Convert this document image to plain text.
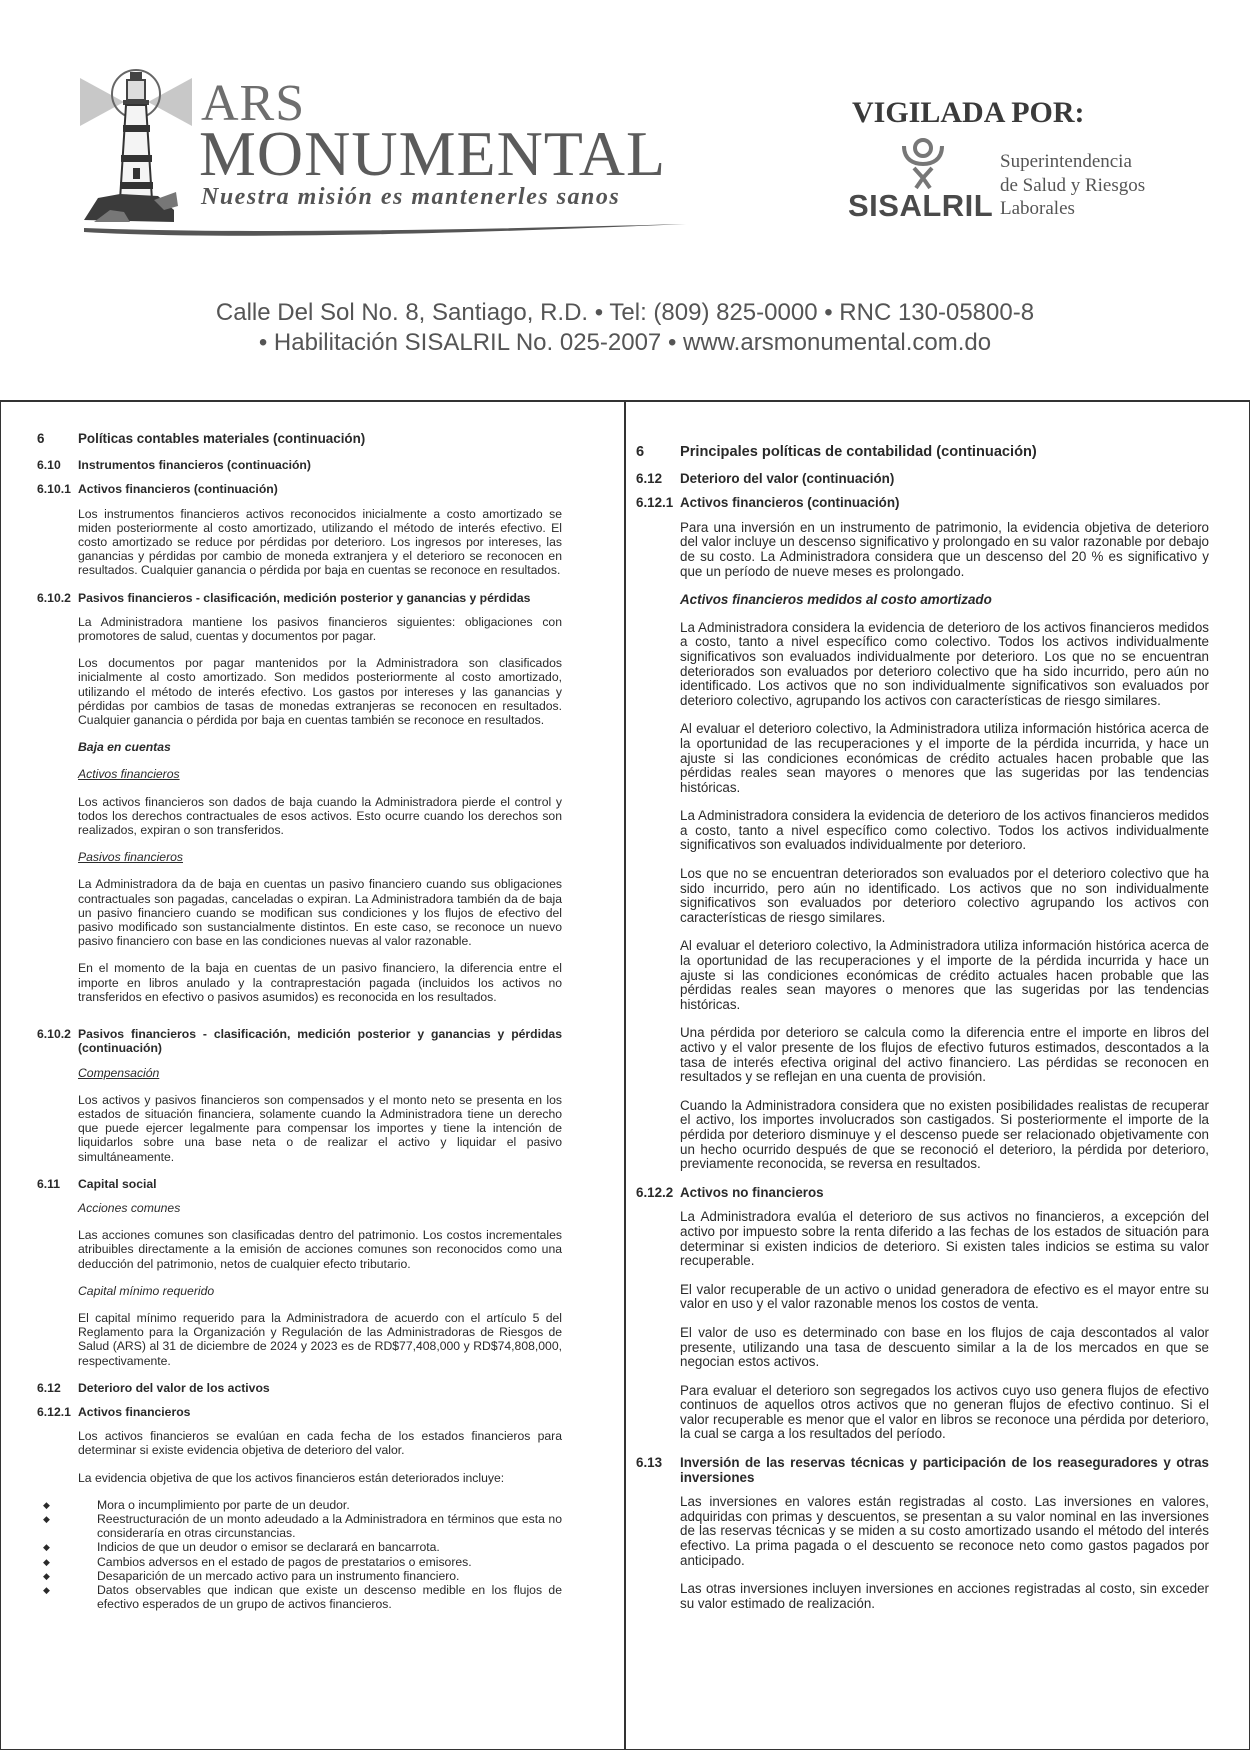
ARS
MONUMENTAL
Nuestra misión es mantenerles sanos
VIGILADA POR:
SISALRIL
Superintendencia
de Salud y Riesgos
Laborales
Calle Del Sol No. 8, Santiago, R.D. • Tel: (809) 825-0000 • RNC 130-05800-8
• Habilitación SISALRIL No. 025-2007 • www.arsmonumental.com.do
6	Políticas contables materiales (continuación)
6.10	Instrumentos financieros (continuación)
6.10.1 Activos financieros (continuación)
Los instrumentos financieros activos reconocidos inicialmente a costo amortizado se miden posteriormente al costo amortizado, utilizando el método de interés efectivo. El costo amortizado se reduce por pérdidas por deterioro. Los ingresos por intereses, las ganancias y pérdidas por cambio de moneda extranjera y el deterioro se reconocen en resultados. Cualquier ganancia o pérdida por baja en cuentas se reconoce en resultados.
6.10.2 Pasivos financieros - clasificación, medición posterior y ganancias y pérdidas
La Administradora mantiene los pasivos financieros siguientes: obligaciones con promotores de salud, cuentas y documentos por pagar.
Los documentos por pagar mantenidos por la Administradora son clasificados inicialmente al costo amortizado. Son medidos posteriormente al costo amortizado, utilizando el método de interés efectivo. Los gastos por intereses y las ganancias y pérdidas por cambios de tasas de monedas extranjeras se reconocen en resultados. Cualquier ganancia o pérdida por baja en cuentas también se reconoce en resultados.
Baja en cuentas
Activos financieros
Los activos financieros son dados de baja cuando la Administradora pierde el control y todos los derechos contractuales de esos activos. Esto ocurre cuando los derechos son realizados, expiran o son transferidos.
Pasivos financieros
La Administradora da de baja en cuentas un pasivo financiero cuando sus obligaciones contractuales son pagadas, canceladas o expiran. La Administradora también da de baja un pasivo financiero cuando se modifican sus condiciones y los flujos de efectivo del pasivo modificado son sustancialmente distintos. En este caso, se reconoce un nuevo pasivo financiero con base en las condiciones nuevas al valor razonable.
En el momento de la baja en cuentas de un pasivo financiero, la diferencia entre el importe en libros anulado y la contraprestación pagada (incluidos los activos no transferidos en efectivo o pasivos asumidos) es reconocida en los resultados.
6.10.2 Pasivos financieros - clasificación, medición posterior y ganancias y pérdidas (continuación)
Compensación
Los activos y pasivos financieros son compensados y el monto neto se presenta en los estados de situación financiera, solamente cuando la Administradora tiene un derecho que puede ejercer legalmente para compensar los importes y tiene la intención de liquidarlos sobre una base neta o de realizar el activo y liquidar el pasivo simultáneamente.
6.11	Capital social
Acciones comunes
Las acciones comunes son clasificadas dentro del patrimonio. Los costos incrementales atribuibles directamente a la emisión de acciones comunes son reconocidos como una deducción del patrimonio, netos de cualquier efecto tributario.
Capital mínimo requerido
El capital mínimo requerido para la Administradora de acuerdo con el artículo 5 del Reglamento para la Organización y Regulación de las Administradoras de Riesgos de Salud (ARS) al 31 de diciembre de 2024 y 2023 es de RD$77,408,000 y RD$74,808,000, respectivamente.
6.12	Deterioro del valor de los activos
6.12.1 Activos financieros
Los activos financieros se evalúan en cada fecha de los estados financieros para determinar si existe evidencia objetiva de deterioro del valor.
La evidencia objetiva de que los activos financieros están deteriorados incluye:
◆	Mora o incumplimiento por parte de un deudor.
◆	Reestructuración de un monto adeudado a la Administradora en términos que esta no consideraría en otras circunstancias.
◆	Indicios de que un deudor o emisor se declarará en bancarrota.
◆	Cambios adversos en el estado de pagos de prestatarios o emisores.
◆	Desaparición de un mercado activo para un instrumento financiero.
◆	Datos observables que indican que existe un descenso medible en los flujos de efectivo esperados de un grupo de activos financieros.
6	Principales políticas de contabilidad (continuación)
6.12	Deterioro del valor (continuación)
6.12.1 Activos financieros (continuación)
Para una inversión en un instrumento de patrimonio, la evidencia objetiva de deterioro del valor incluye un descenso significativo y prolongado en su valor razonable por debajo de su costo. La Administradora considera que un descenso del 20 % es significativo y que un período de nueve meses es prolongado.
Activos financieros medidos al costo amortizado
La Administradora considera la evidencia de deterioro de los activos financieros medidos a costo, tanto a nivel específico como colectivo. Todos los activos individualmente significativos son evaluados individualmente por deterioro. Los que no se encuentran deteriorados son evaluados por deterioro colectivo que ha sido incurrido, pero aún no identificado. Los activos que no son individualmente significativos son evaluados por deterioro colectivo, agrupando los activos con características de riesgo similares.
Al evaluar el deterioro colectivo, la Administradora utiliza información histórica acerca de la oportunidad de las recuperaciones y el importe de la pérdida incurrida, y hace un ajuste si las condiciones económicas de crédito actuales hacen probable que las pérdidas reales sean mayores o menores que las sugeridas por las tendencias históricas.
La Administradora considera la evidencia de deterioro de los activos financieros medidos a costo, tanto a nivel específico como colectivo. Todos los activos individualmente significativos son evaluados individualmente por deterioro.
Los que no se encuentran deteriorados son evaluados por el deterioro colectivo que ha sido incurrido, pero aún no identificado. Los activos que no son individualmente significativos son evaluados por deterioro colectivo agrupando los activos con características de riesgo similares.
Al evaluar el deterioro colectivo, la Administradora utiliza información histórica acerca de la oportunidad de las recuperaciones y el importe de la pérdida incurrida y hace un ajuste si las condiciones económicas de crédito actuales hacen probable que las pérdidas reales sean mayores o menores que las sugeridas por las tendencias históricas.
Una pérdida por deterioro se calcula como la diferencia entre el importe en libros del activo y el valor presente de los flujos de efectivo futuros estimados, descontados a la tasa de interés efectiva original del activo financiero. Las pérdidas se reconocen en resultados y se reflejan en una cuenta de provisión.
Cuando la Administradora considera que no existen posibilidades realistas de recuperar el activo, los importes involucrados son castigados. Si posteriormente el importe de la pérdida por deterioro disminuye y el descenso puede ser relacionado objetivamente con un hecho ocurrido después de que se reconoció el deterioro, la pérdida por deterioro, previamente reconocida, se reversa en resultados.
6.12.2 Activos no financieros
La Administradora evalúa el deterioro de sus activos no financieros, a excepción del activo por impuesto sobre la renta diferido a las fechas de los estados de situación para determinar si existen indicios de deterioro. Si existen tales indicios se estima su valor recuperable.
El valor recuperable de un activo o unidad generadora de efectivo es el mayor entre su valor en uso y el valor razonable menos los costos de venta.
El valor de uso es determinado con base en los flujos de caja descontados al valor presente, utilizando una tasa de descuento similar a la de los mercados en que se negocian estos activos.
Para evaluar el deterioro son segregados los activos cuyo uso genera flujos de efectivo continuos de aquellos otros activos que no generan flujos de efectivo continuo. Si el valor recuperable es menor que el valor en libros se reconoce una pérdida por deterioro, la cual se carga a los resultados del período.
6.13	Inversión de las reservas técnicas y participación de los reaseguradores y otras inversiones
Las inversiones en valores están registradas al costo. Las inversiones en valores, adquiridas con primas y descuentos, se presentan a su valor nominal en las inversiones de las reservas técnicas y se miden a su costo amortizado usando el método del interés efectivo. La prima pagada o el descuento se reconoce neto como gastos pagados por anticipado.
Las otras inversiones incluyen inversiones en acciones registradas al costo, sin exceder su valor estimado de realización.
